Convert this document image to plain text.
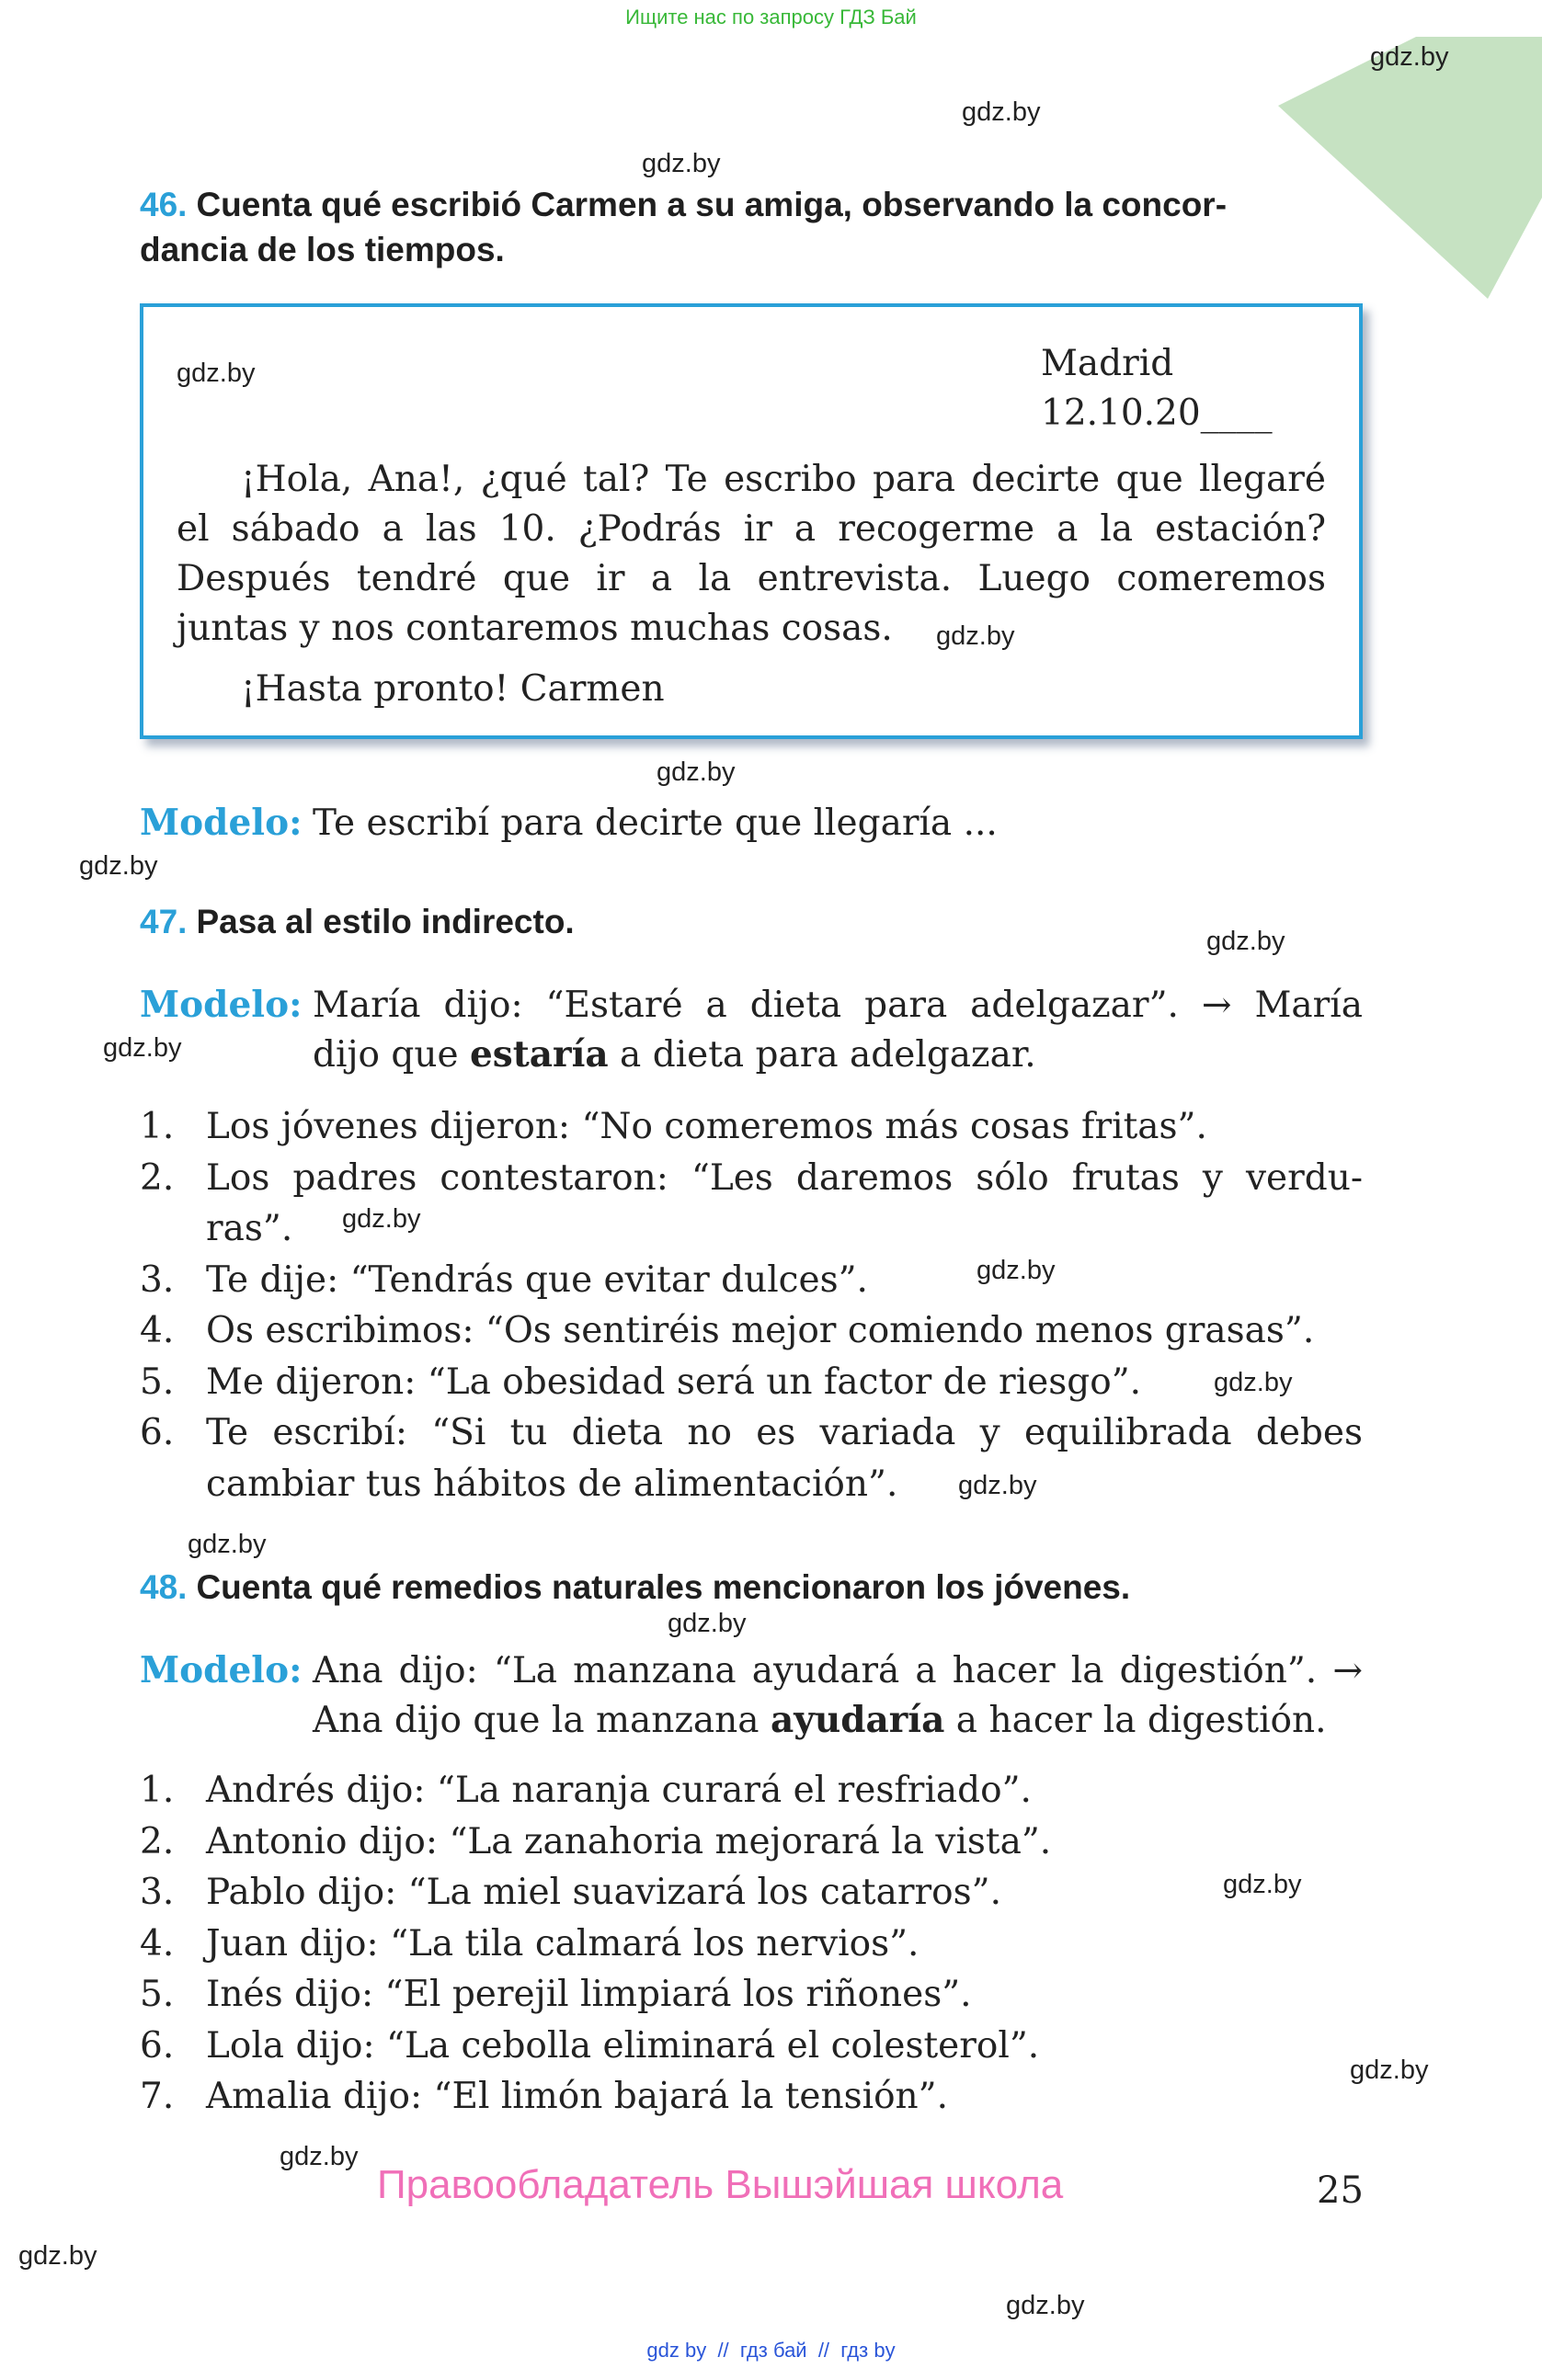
Ищите нас по запросу ГДЗ Бай
gdz.by
gdz.by
gdz.by
46. Cuenta qué escribió Carmen a su amiga, observando la concor-
dancia de los tiempos.
gdz.by	Madrid
12.10.20____
¡Hola, Ana!, ¿qué tal? Te escribo para decirte que llegaré
el sábado a las 10. ¿Podrás ir a recogerme a la estación?
Después tendré que ir a la entrevista. Luego comeremos
juntas y nos contaremos muchas cosas. gdz.by
¡Hasta pronto! Carmen
gdz.by
Modelo: Te escribí para decirte que llegaría ...
gdz.by
47. Pasa al estilo indirecto.
gdz.by
Modelo: María dijo: “Estaré a dieta para adelgazar”. → María
dijo que estaría a dieta para adelgazar.
gdz.by
1. Los jóvenes dijeron: “No comeremos más cosas fritas”.
2. Los padres contestaron: “Les daremos sólo frutas y verdu-
ras”.
3. Te dije: “Tendrás que evitar dulces”.
4. Os escribimos: “Os sentiréis mejor comiendo menos grasas”.
5. Me dijeron: “La obesidad será un factor de riesgo”.
6. Te escribí: “Si tu dieta no es variada y equilibrada debes
cambiar tus hábitos de alimentación”.
gdz.by
gdz.by
gdz.by
gdz.by
gdz.by
48. Cuenta qué remedios naturales mencionaron los jóvenes.
gdz.by
Modelo: Ana dijo: “La manzana ayudará a hacer la digestión”. →
Ana dijo que la manzana ayudaría a hacer la digestión.
1. Andrés dijo: “La naranja curará el resfriado”.
2. Antonio dijo: “La zanahoria mejorará la vista”.
3. Pablo dijo: “La miel suavizará los catarros”.
4. Juan dijo: “La tila calmará los nervios”.
5. Inés dijo: “El perejil limpiará los riñones”.
6. Lola dijo: “La cebolla eliminará el colesterol”.
7. Amalia dijo: “El limón bajará la tensión”.
gdz.by
gdz.by
gdz.by
Правообладатель Вышэйшая школа	25
gdz.by
gdz.by
gdz by  //  гдз бай  //  гдз by
